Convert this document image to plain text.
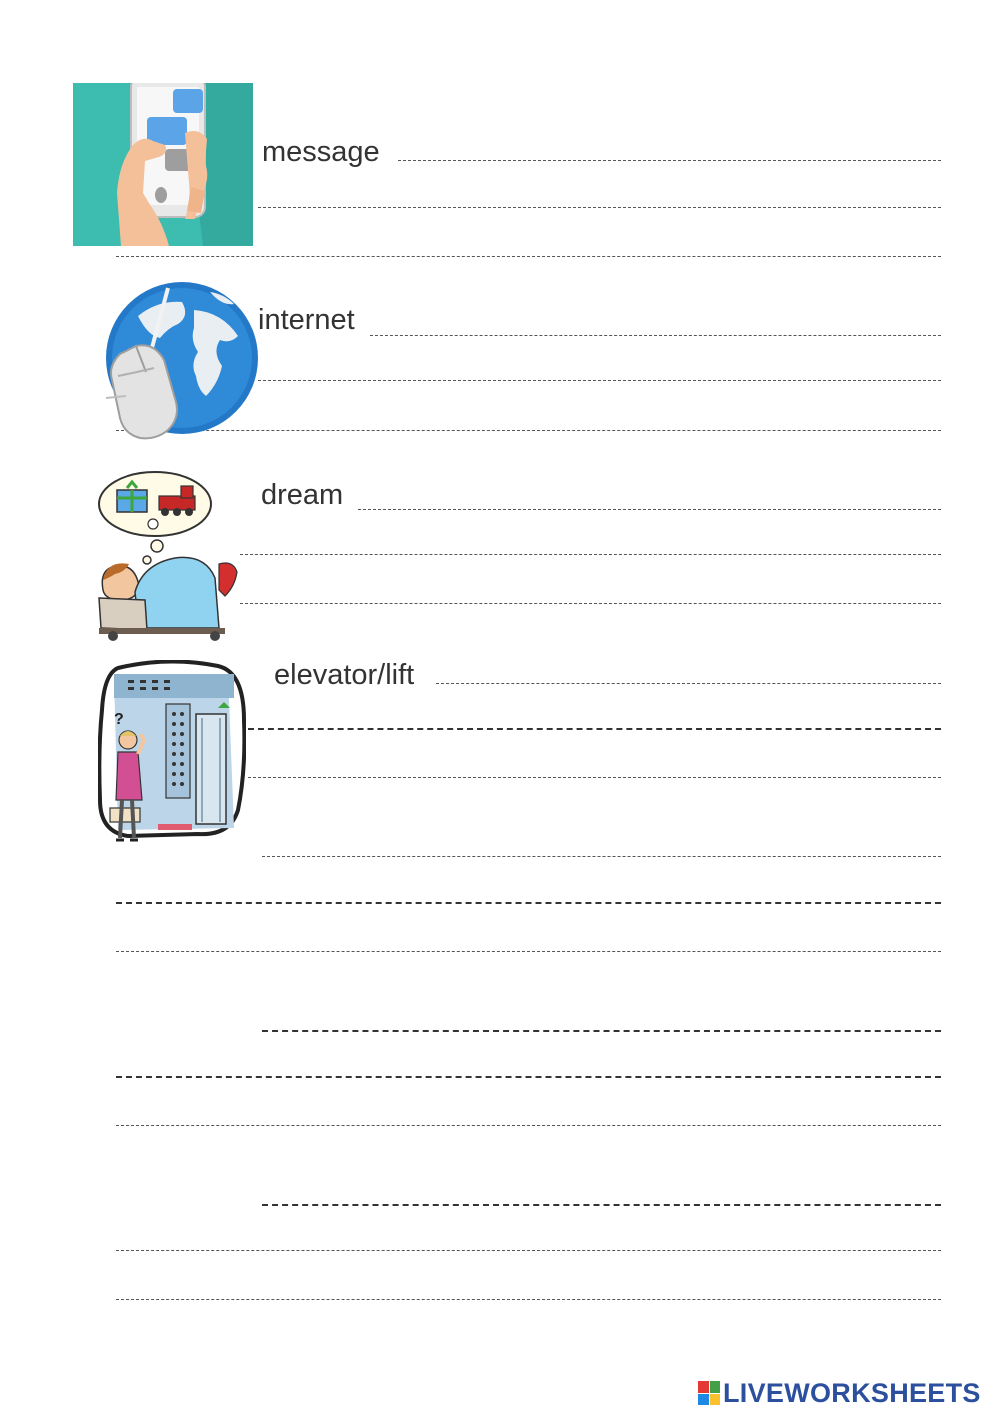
message
internet
dream
elevator/lift
?
LIVEWORKSHEETS
